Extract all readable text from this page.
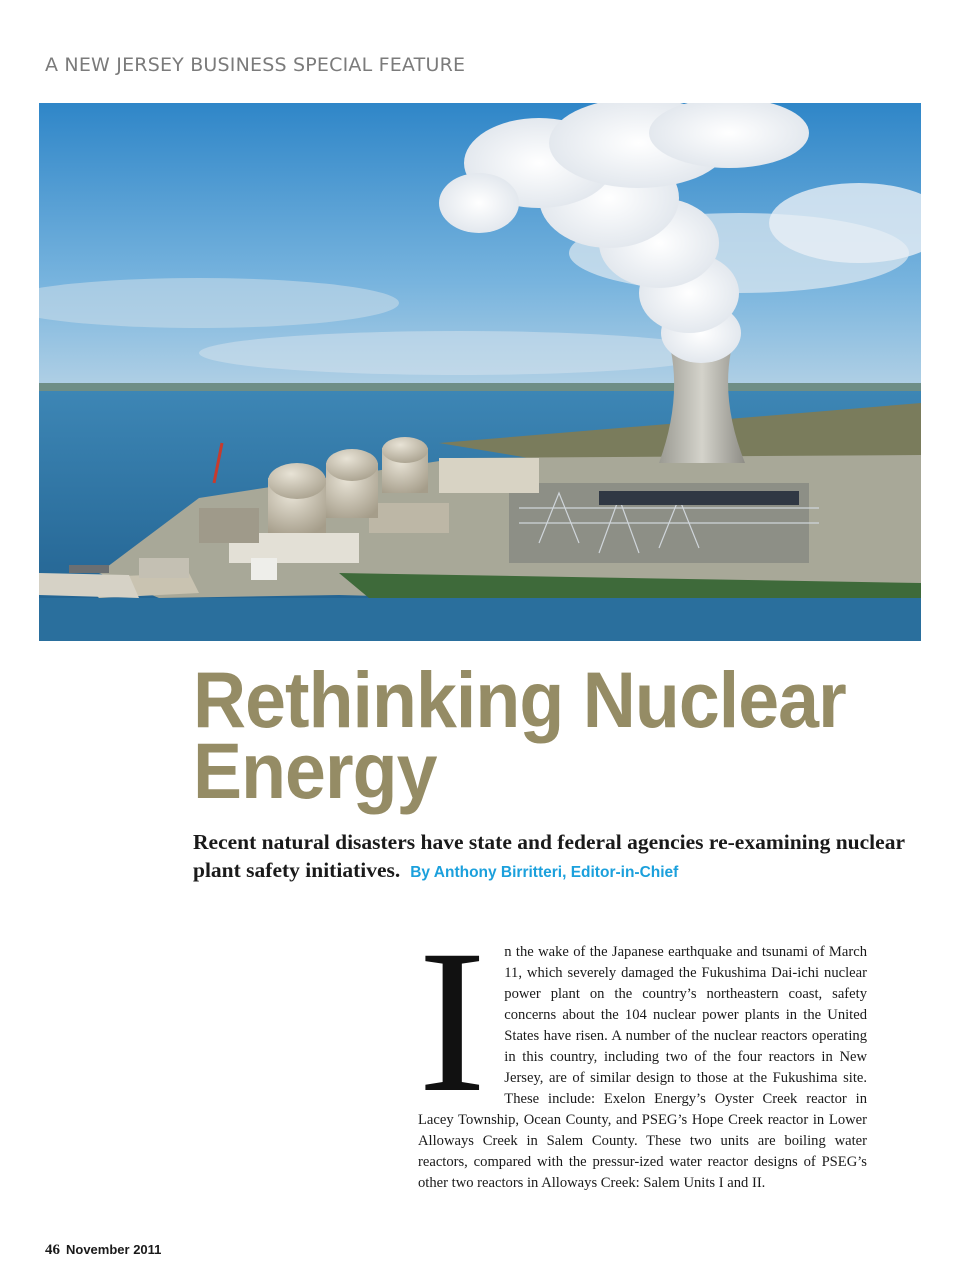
A NEW JERSEY BUSINESS SPECIAL FEATURE
Rethinking Nuclear Energy

Recent natural disasters have state and federal agencies re-examining nuclear plant safety initiatives. By Anthony Birritteri, Editor-in-Chief

I n the wake of the Japanese earthquake and tsunami of March 11, which severely damaged the Fukushima Dai-ichi nuclear power plant on the country’s northeastern coast, safety concerns about the 104 nuclear power plants in the United States have risen. A number of the nuclear reactors operating in this country, including two of the four reactors in New Jersey, are of similar design to those at the Fukushima site. These include: Exelon Energy’s Oyster Creek reactor in Lacey Township, Ocean County, and PSEG’s Hope Creek reactor in Lower Alloways Creek in Salem County. These two units are boiling water reactors, compared with the pressur-ized water reactor designs of PSEG’s other two reactors in Alloways Creek: Salem Units I and II.

46 November 2011
